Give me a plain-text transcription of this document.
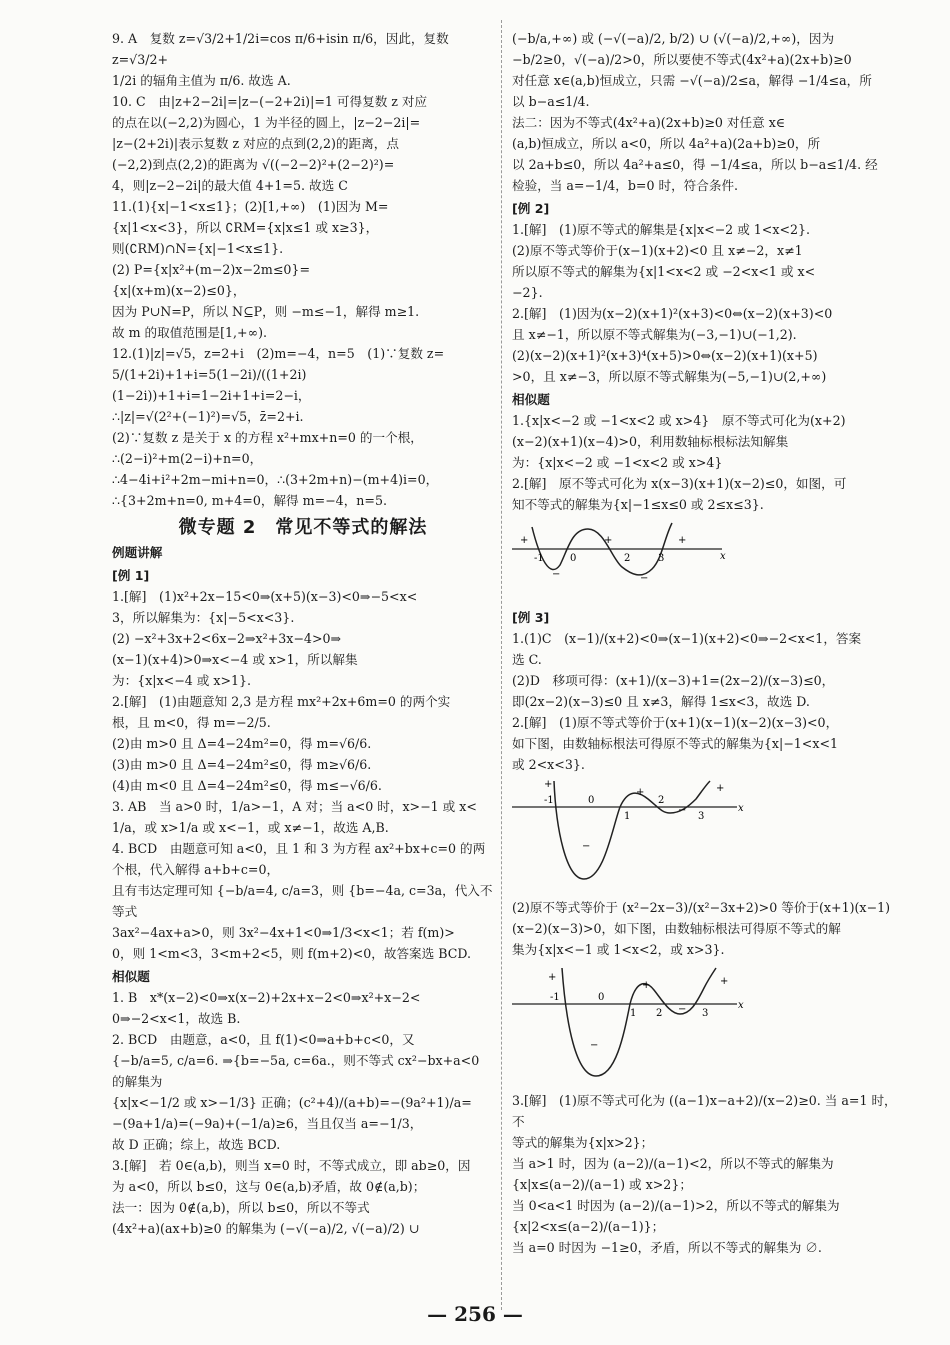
9. A　复数 z=√3/2+1/2i=cos π/6+isin π/6，因此，复数 z=√3/2+

1/2i 的辐角主值为 π/6. 故选 A.

10. C　由|z+2−2i|=|z−(−2+2i)|=1 可得复数 z 对应

的点在以(−2,2)为圆心，1 为半径的圆上，|z−2−2i|=

|z−(2+2i)|表示复数 z 对应的点到(2,2)的距离，点

(−2,2)到点(2,2)的距离为 √((−2−2)²+(2−2)²)=

4，则|z−2−2i|的最大值 4+1=5. 故选 C

11.(1){x|−1<x≤1}；(2)[1,+∞)　(1)因为 M=

{x|1<x<3}，所以 ∁RM={x|x≤1 或 x≥3}，

则(∁RM)∩N={x|−1<x≤1}.

(2) P={x|x²+(m−2)x−2m≤0}=

{x|(x+m)(x−2)≤0}，

因为 P∪N=P，所以 N⊆P，则 −m≤−1，解得 m≥1.

故 m 的取值范围是[1,+∞).

12.(1)|z|=√5，z=2+i　(2)m=−4，n=5　(1)∵复数 z=

5/(1+2i)+1+i=5(1−2i)/((1+2i)(1−2i))+1+i=1−2i+1+i=2−i，

∴|z|=√(2²+(−1)²)=√5，z̄=2+i.

(2)∵复数 z 是关于 x 的方程 x²+mx+n=0 的一个根，

∴(2−i)²+m(2−i)+n=0，

∴4−4i+i²+2m−mi+n=0，∴(3+2m+n)−(m+4)i=0，

∴{3+2m+n=0, m+4=0，解得 m=−4，n=5.

微专题 2　常见不等式的解法
例题讲解
[例 1]

1.[解]　(1)x²+2x−15<0⇒(x+5)(x−3)<0⇒−5<x<

3，所以解集为：{x|−5<x<3}.

(2) −x²+3x+2<6x−2⇒x²+3x−4>0⇒

(x−1)(x+4)>0⇒x<−4 或 x>1，所以解集

为：{x|x<−4 或 x>1}.

2.[解]　(1)由题意知 2,3 是方程 mx²+2x+6m=0 的两个实

根，且 m<0，得 m=−2/5.

(2)由 m>0 且 Δ=4−24m²=0，得 m=√6/6.

(3)由 m>0 且 Δ=4−24m²≤0，得 m≥√6/6.

(4)由 m<0 且 Δ=4−24m²≤0，得 m≤−√6/6.

3. AB　当 a>0 时，1/a>−1，A 对；当 a<0 时，x>−1 或 x<

1/a，或 x>1/a 或 x<−1，或 x≠−1，故选 A,B.

4. BCD　由题意可知 a<0，且 1 和 3 为方程 ax²+bx+c=0 的两

个根，代入解得 a+b+c=0，

且有韦达定理可知 {−b/a=4, c/a=3，则 {b=−4a, c=3a，代入不等式

3ax²−4ax+a>0，则 3x²−4x+1<0⇒1/3<x<1；若 f(m)>

0，则 1<m<3，3<m+2<5，则 f(m+2)<0，故答案选 BCD.

相似题

1. B　x*(x−2)<0⇒x(x−2)+2x+x−2<0⇒x²+x−2<

0⇒−2<x<1，故选 B.

2. BCD　由题意，a<0，且 f(1)<0⇒a+b+c<0，又

{−b/a=5, c/a=6. ⇒{b=−5a, c=6a.，则不等式 cx²−bx+a<0 的解集为

{x|x<−1/2 或 x>−1/3} 正确；(c²+4)/(a+b)=−(9a²+1)/a=

−(9a+1/a)=(−9a)+(−1/a)≥6，当且仅当 a=−1/3，

故 D 正确；综上，故选 BCD.

3.[解]　若 0∈(a,b)，则当 x=0 时，不等式成立，即 ab≥0，因

为 a<0，所以 b≤0，这与 0∈(a,b)矛盾，故 0∉(a,b)；

法一：因为 0∉(a,b)，所以 b≤0，所以不等式

(4x²+a)(ax+b)≥0 的解集为 (−√(−a)/2, √(−a)/2) ∪

(−b/a,+∞) 或 (−√(−a)/2, b/2) ∪ (√(−a)/2,+∞)，因为

−b/2≥0，√(−a)/2>0，所以要使不等式(4x²+a)(2x+b)≥0

对任意 x∈(a,b)恒成立，只需 −√(−a)/2≤a，解得 −1/4≤a，所

以 b−a≤1/4.

法二：因为不等式(4x²+a)(2x+b)≥0 对任意 x∈

(a,b)恒成立，所以 a<0，所以 4a²+a)(2a+b)≥0，所

以 2a+b≤0，所以 4a²+a≤0，得 −1/4≤a，所以 b−a≤1/4. 经

检验，当 a=−1/4，b=0 时，符合条件.

[例 2]

1.[解]　(1)原不等式的解集是{x|x<−2 或 1<x<2}.

(2)原不等式等价于(x−1)(x+2)<0 且 x≠−2，x≠1

所以原不等式的解集为{x|1<x<2 或 −2<x<1 或 x<

−2}.

2.[解]　(1)因为(x−2)(x+1)²(x+3)<0⇔(x−2)(x+3)<0

且 x≠−1，所以原不等式解集为(−3,−1)∪(−1,2).

(2)(x−2)(x+1)²(x+3)⁴(x+5)>0⇔(x−2)(x+1)(x+5)

>0，且 x≠−3，所以原不等式解集为(−5,−1)∪(2,+∞)

相似题

1.{x|x<−2 或 −1<x<2 或 x>4}　原不等式可化为(x+2)

(x−2)(x+1)(x−4)>0，利用数轴标根标法知解集

为：{x|x<−2 或 −1<x<2 或 x>4}

2.[解]　原不等式可化为 x(x−3)(x+1)(x−2)≤0，如图，可

知不等式的解集为{x|−1≤x≤0 或 2≤x≤3}.

-1	0	2	3	x
+	+	+
−	−
[例 3]

1.(1)C　(x−1)/(x+2)<0⇒(x−1)(x+2)<0⇒−2<x<1，答案

选 C.

(2)D　移项可得：(x+1)/(x−3)+1=(2x−2)/(x−3)≤0，

即(2x−2)(x−3)≤0 且 x≠3，解得 1≤x<3，故选 D.

2.[解]　(1)原不等式等价于(x+1)(x−1)(x−2)(x−3)<0，

如下图，由数轴标根法可得原不等式的解集为{x|−1<x<1

或 2<x<3}.

-1	0
1
2
3
x
+
+	+
−
−

(2)原不等式等价于 (x²−2x−3)/(x²−3x+2)>0 等价于(x+1)(x−1)

(x−2)(x−3)>0，如下图，由数轴标根法可得原不等式的解

集为{x|x<−1 或 1<x<2，或 x>3}.

-1	0
1 2	3
x
+
+	+
−
−

3.[解]　(1)原不等式可化为 ((a−1)x−a+2)/(x−2)≥0. 当 a=1 时，不

等式的解集为{x|x>2}；

当 a>1 时，因为 (a−2)/(a−1)<2，所以不等式的解集为

{x|x≤(a−2)/(a−1) 或 x>2}；

当 0<a<1 时因为 (a−2)/(a−1)>2，所以不等式的解集为

{x|2<x≤(a−2)/(a−1)}；

当 a=0 时因为 −1≥0，矛盾，所以不等式的解集为 ∅.

— 256 —
